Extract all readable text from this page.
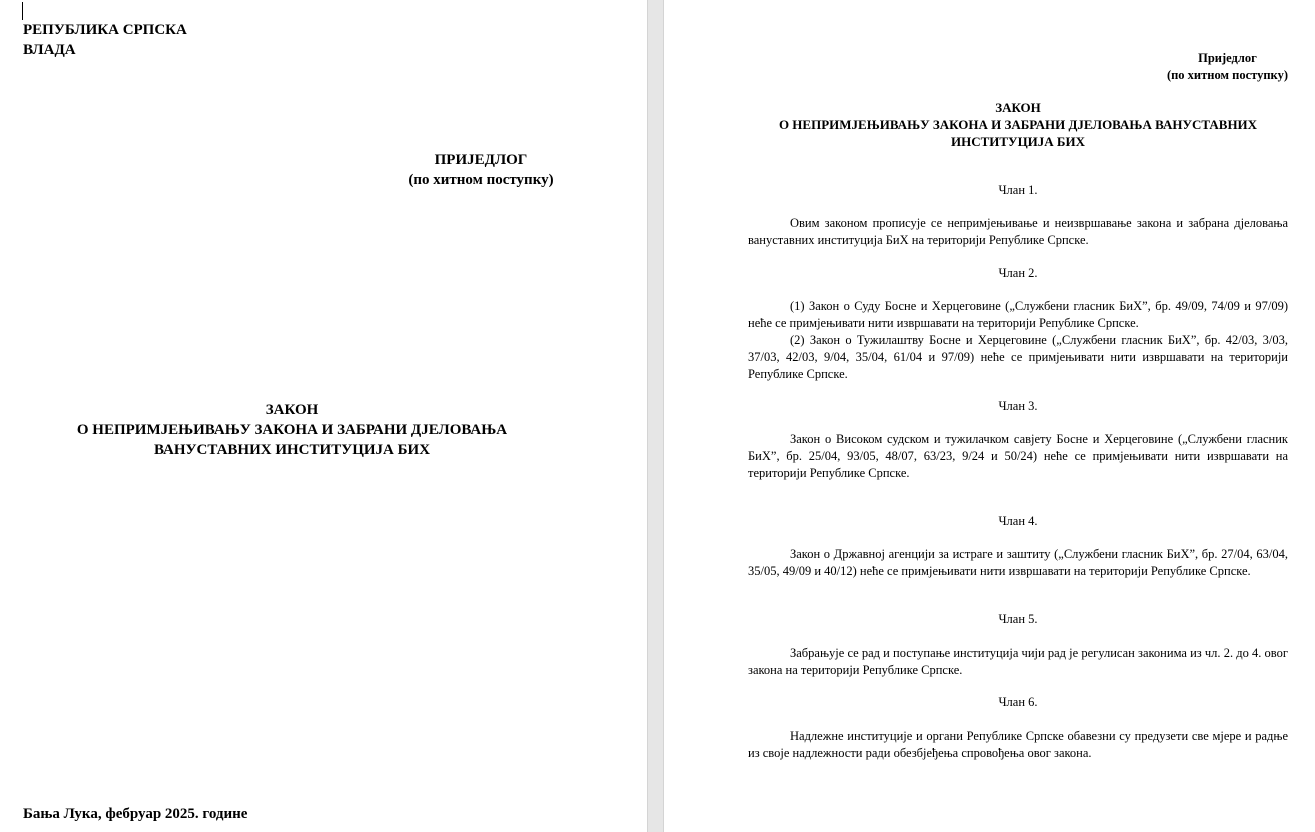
РЕПУБЛИКА СРПСКА
ВЛАДА
ПРИЈЕДЛОГ
(по хитном поступку)
ЗАКОН
О НЕПРИМЈЕЊИВАЊУ ЗАКОНА И ЗАБРАНИ ДЈЕЛОВАЊА
ВАНУСТАВНИХ ИНСТИТУЦИЈА БИХ
Бања Лука, фебруар 2025. године
Приједлог
(по хитном поступку)
ЗАКОН
О НЕПРИМЈЕЊИВАЊУ ЗАКОНА И ЗАБРАНИ ДЈЕЛОВАЊА ВАНУСТАВНИХ
ИНСТИТУЦИЈА БИХ
Члан 1.
Овим законом прописује се непримјењивање и неизвршавање закона и забрана дјеловања вануставних институција БиХ на територији Републике Српске.
Члан 2.
(1) Закон о Суду Босне и Херцеговине („Службени гласник БиХ”, бр. 49/09, 74/09 и 97/09) неће се примјењивати нити извршавати на територији Републике Српске.
(2) Закон о Тужилаштву Босне и Херцеговине („Службени гласник БиХ”, бр. 42/03, 3/03, 37/03, 42/03, 9/04, 35/04, 61/04 и 97/09) неће се примјењивати нити извршавати на територији Републике Српске.
Члан 3.
Закон о Високом судском и тужилачком савјету Босне и Херцеговине („Службени гласник БиХ”, бр. 25/04, 93/05, 48/07, 63/23, 9/24 и 50/24) неће се примјењивати нити извршавати на територији Републике Српске.
Члан 4.
Закон о Државној агенцији за истраге и заштиту („Службени гласник БиХ”, бр. 27/04, 63/04, 35/05, 49/09 и 40/12) неће се примјењивати нити извршавати на територији Републике Српске.
Члан 5.
Забрањује се рад и поступање институција чији рад је регулисан законима из чл. 2. до 4. овог закона на територији Републике Српске.
Члан 6.
Надлежне институције и органи Републике Српске обавезни су предузети све мјере и радње из своје надлежности ради обезбјеђења спровођења овог закона.
